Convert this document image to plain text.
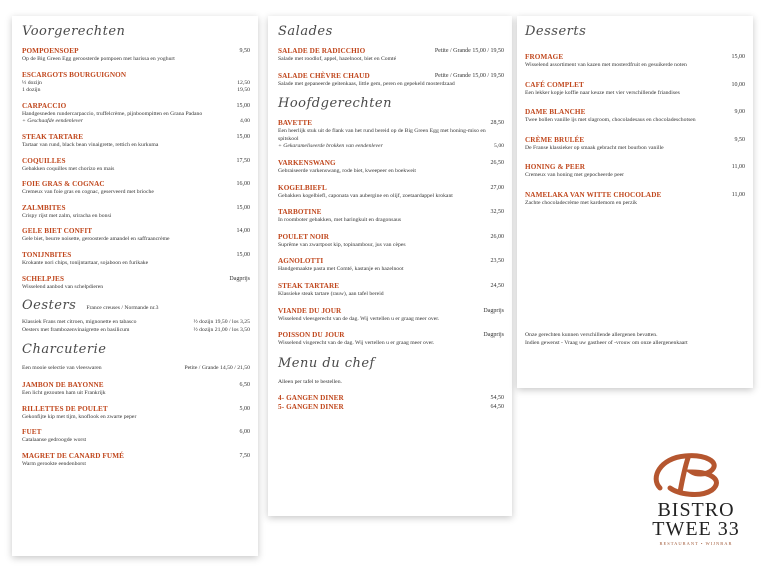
Voorgerechten
POMPOENSOEP	9,50
Op de Big Green Egg geroosterde pompoen met harissa en yoghurt
ESCARGOTS BOURGUIGNON
½ dozijn	12,50
1 dozijn	19,50
CARPACCIO	15,00
Handgesneden rundercarpaccio, truffelcrème, pijnboompitten en Grana Padano
+ Geschaafde eendenlever	4,00
STEAK TARTARE	15,00
Tartaar van rund, black bean vinaigrette, rettich en kurkuma
COQUILLES	17,50
Gebakken coquilles met chorizo en mais
FOIE GRAS & COGNAC	16,00
Cremeux van foie gras en cognac, geserveerd met brioche
ZALMBITES	15,00
Crispy rijst met zalm, sriracha en bonsi
GELE BIET CONFIT	14,00
Gele biet, beurre noisette, geroosterde amandel en saffraancrème
TONIJNBITES	15,00
Krokante nori chips, tonijntartaar, sojaboon en furikake
SCHELPJES	Dagprijs
Wisselend aanbod van schelpdieren
Oesters France creuses / Normande nr.3
Klassiek Frans met citroen, mignonette en tabasco	½ dozijn 19,50 / los 3,25
Oesters met frambozenvinaigrette en basilicum	½ dozijn 21,00 / los 3,50
Charcuterie
Een mooie selectie van vleeswaren	Petite / Grande 14,50 / 21,50
JAMBON DE BAYONNE	6,50
Een licht gezouten ham uit Frankrijk
RILLETTES DE POULET	5,00
Gekonfijte kip met tijm, knoflook en zwarte peper
FUET	6,00
Catalaanse gedroogde worst
MAGRET DE CANARD FUMÉ	7,50
Warm gerookte eendenborst
Salades
SALADE DE RADICCHIO	Petite / Grande 15,00 / 19,50
Salade met roodlof, appel, hazelnoot, biet en Comté
SALADE CHÈVRE CHAUD	Petite / Grande 15,00 / 19,50
Salade met gepaneerde geitenkaas, little gem, peren en gepekeld mosterdzaad
Hoofdgerechten
BAVETTE	28,50
Een heerlijk stuk uit de flank van het rund bereid op de Big Green Egg met honing-miso en spitskool
+ Gekarameliseerde brokken van eendenlever	5,00
VARKENSWANG	26,50
Gebraiseerde varkenswang, rode biet, kweepeer en boekweit
KOGELBIEFL	27,00
Gebakken kogelbiefl, caponata van aubergine en olijf, zoetaardappel krokant
TARBOTINE	32,50
In roomboter gebakken, met haringkuit en dragonsaus
POULET NOIR	26,00
Suprême van zwartpoot kip, topinambour, jus van cèpes
AGNOLOTTI	23,50
Handgemaakte pasta met Comté, kastanje en hazelnoot
STEAK TARTARE	24,50
Klassieke steak tartare (rauw), aan tafel bereid
VIANDE DU JOUR	Dagprijs
Wisselend vleesgerecht van de dag. Wij vertellen u er graag meer over.
POISSON DU JOUR	Dagprijs
Wisselend visgerecht van de dag. Wij vertellen u er graag meer over.
Menu du chef
Alleen per tafel te bestellen.
4- GANGEN DINER	54,50
5- GANGEN DINER	64,50
Desserts
FROMAGE	15,00
Wisselend assortiment van kazen met mosterdfruit en gesuikerde noten
CAFÉ COMPLET	10,00
Een lekker kopje koffie naar keuze met vier verschillende friandises
DAME BLANCHE	9,00
Twee bollen vanille ijs met slagroom, chocoladesaus en chocoladeschotsen
CRÈME BRULÉE	9,50
De Franse klassieker op smaak gebracht met bourbon vanille
HONING & PEER	11,00
Cremeux van honing met gepocheerde peer
NAMELAKA VAN WITTE CHOCOLADE	11,00
Zachte chocoladecrème met kardemom en perzik
Onze gerechten kunnen verschillende allergenen bevatten.
Indien gewenst - Vraag uw gastheer of -vrouw om onze allergenenkaart
BISTRO
TWEE 33
RESTAURANT • WIJNBAR
